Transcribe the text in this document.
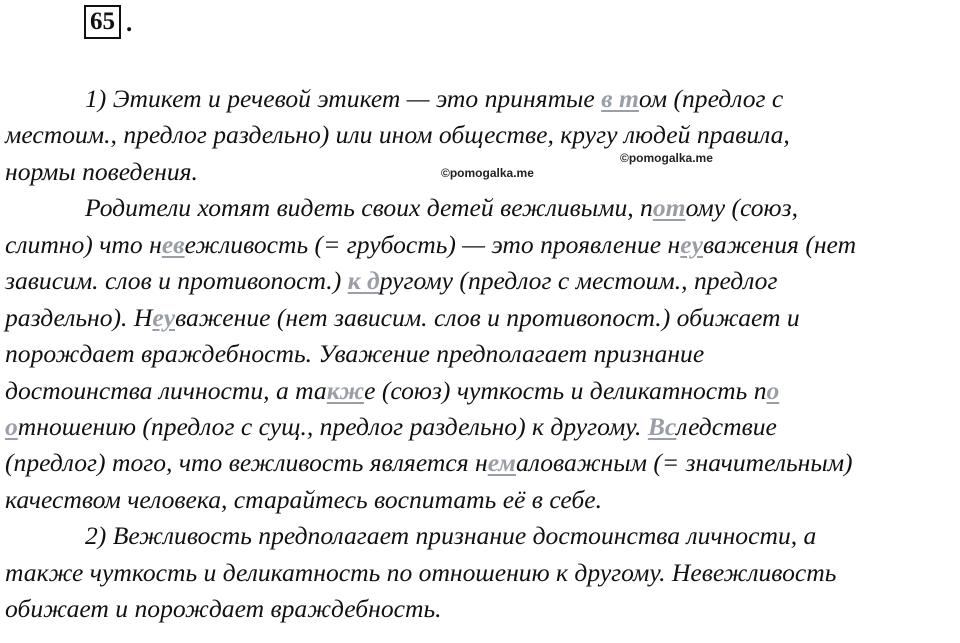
65 .
©pomogalka.me
©pomogalka.me
1) Этикет и речевой этикет — это принятые в том (предлог с
местоим., предлог раздельно) или ином обществе, кругу людей правила,
нормы поведения.
Родители хотят видеть своих детей вежливыми, потому (союз,
слитно) что невежливость (= грубость) — это проявление неуважения (нет
зависим. слов и противопост.) к другому (предлог с местоим., предлог
раздельно). Неуважение (нет зависим. слов и противопост.) обижает и
порождает враждебность. Уважение предполагает признание
достоинства личности, а также (союз) чуткость и деликатность по
отношению (предлог с сущ., предлог раздельно) к другому. Вследствие
(предлог) того, что вежливость является немаловажным (= значительным)
качеством человека, старайтесь воспитать её в себе.
2) Вежливость предполагает признание достоинства личности, а
также чуткость и деликатность по отношению к другому. Невежливость
обижает и порождает враждебность.
